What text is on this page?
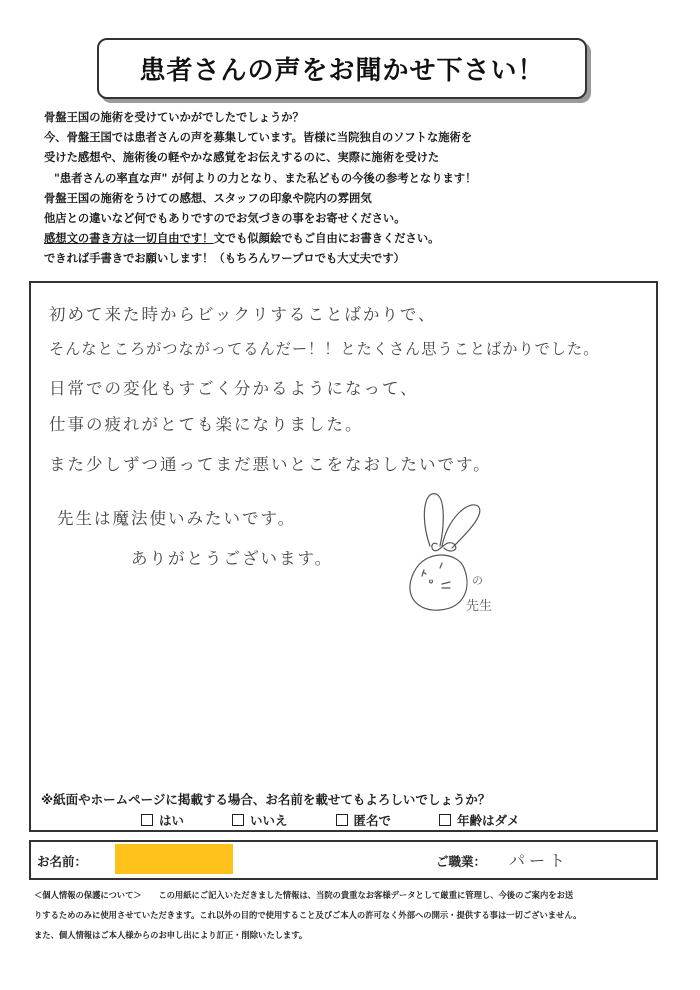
患者さんの声をお聞かせ下さい！
骨盤王国の施術を受けていかがでしたでしょうか？
今、骨盤王国では患者さんの声を募集しています。皆様に当院独自のソフトな施術を
受けた感想や、施術後の軽やかな感覚をお伝えするのに、実際に施術を受けた
"患者さんの率直な声" が何よりの力となり、また私どもの今後の参考となります！
骨盤王国の施術をうけての感想、スタッフの印象や院内の雰囲気
他店との違いなど何でもありですのでお気づきの事をお寄せください。
感想文の書き方は一切自由です！文でも似顔絵でもご自由にお書きください。
できれば手書きでお願いします！（もちろんワープロでも大丈夫です）
初めて来た時からビックリすることばかりで、
そんなところがつながってるんだー！！とたくさん思うことばかりでした。
日常での変化もすごく分かるようになって、
仕事の疲れがとても楽になりました。
また少しずつ通ってまだ悪いとこをなおしたいです。
先生は魔法使いみたいです。
ありがとうございます。
の
先生
※紙面やホームページに掲載する場合、お名前を載せてもよろしいでしょうか？
はい	いいえ	匿名で	年齢はダメ
お名前：	ご職業： パート
＜個人情報の保護について＞　　 この用紙にご記入いただきました情報は、当院の貴重なお客様データとして厳重に管理し、今後のご案内をお送
りするためのみに使用させていただきます。これ以外の目的で使用すること及びご本人の許可なく外部への開示・提供する事は一切ございません。
また、個人情報はご本人様からのお申し出により訂正・削除いたします。
